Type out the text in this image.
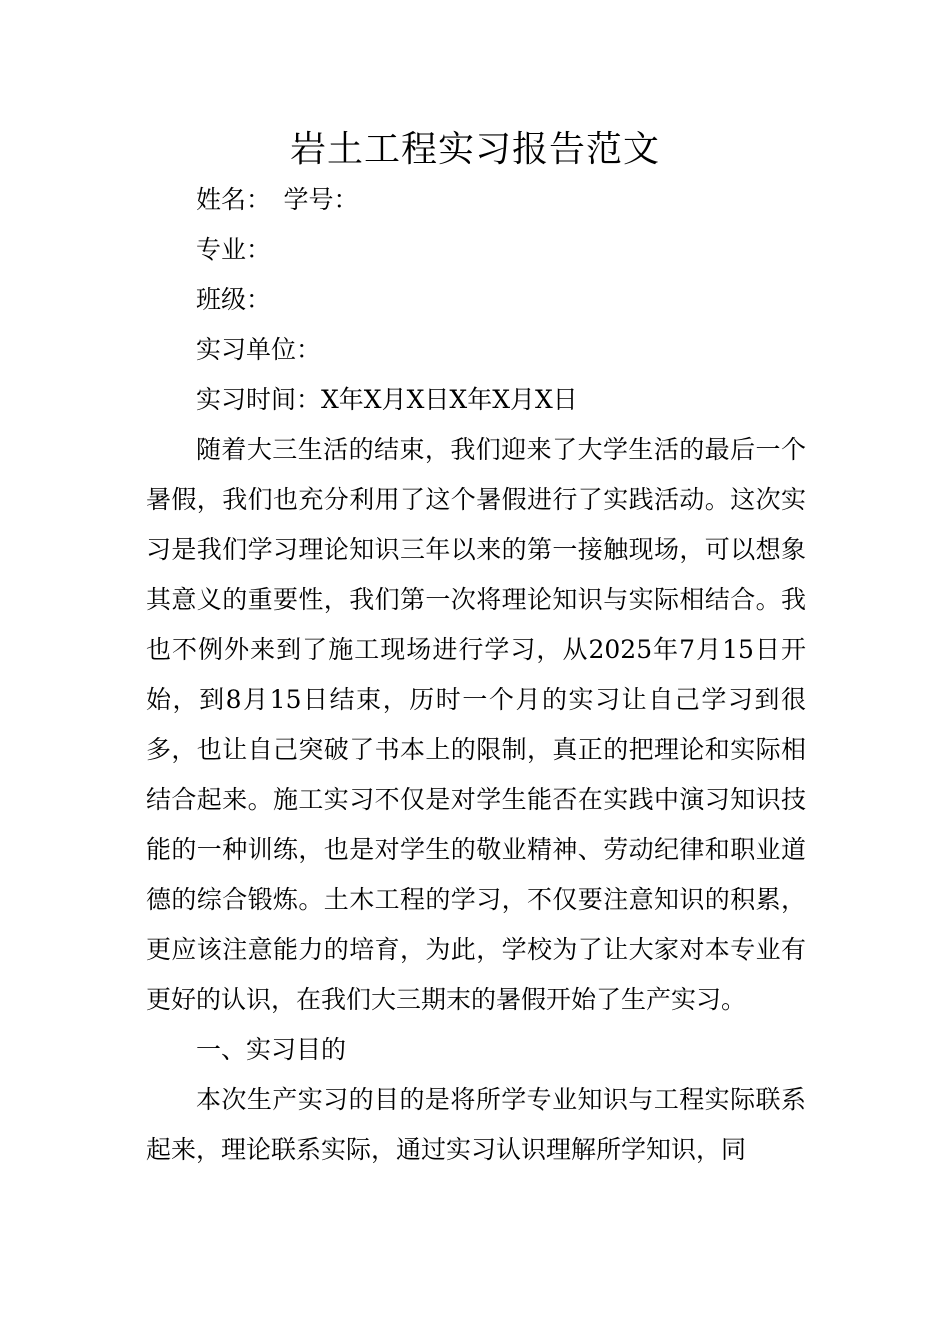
岩土工程实习报告范文

姓名：　学号：

专业：

班级：

实习单位：

实习时间：X年X月X日X年X月X日

随着大三生活的结束，我们迎来了大学生活的最后一个暑假，我们也充分利用了这个暑假进行了实践活动。这次实习是我们学习理论知识三年以来的第一接触现场，可以想象其意义的重要性，我们第一次将理论知识与实际相结合。我也不例外来到了施工现场进行学习，从2025年7月15日开始，到8月15日结束，历时一个月的实习让自己学习到很多，也让自己突破了书本上的限制，真正的把理论和实际相结合起来。施工实习不仅是对学生能否在实践中演习知识技能的一种训练，也是对学生的敬业精神、劳动纪律和职业道德的综合锻炼。土木工程的学习，不仅要注意知识的积累，更应该注意能力的培育，为此，学校为了让大家对本专业有更好的认识，在我们大三期末的暑假开始了生产实习。

一、实习目的

本次生产实习的目的是将所学专业知识与工程实际联系起来，理论联系实际，通过实习认识理解所学知识，同
